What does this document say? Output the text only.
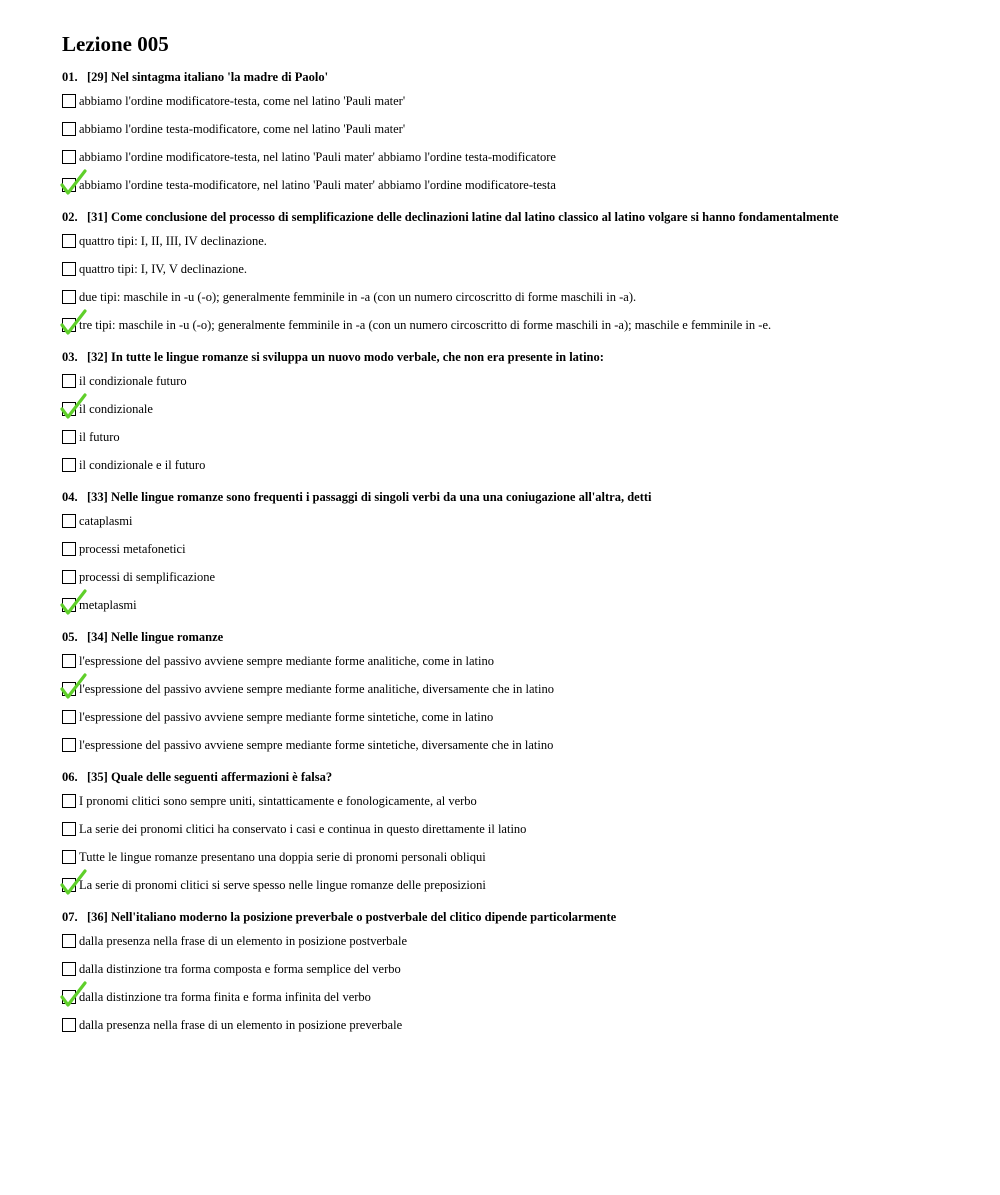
Lezione 005
01. [29] Nel sintagma italiano 'la madre di Paolo'
abbiamo l'ordine modificatore-testa, come nel latino 'Pauli mater'
abbiamo l'ordine testa-modificatore, come nel latino 'Pauli mater'
abbiamo l'ordine modificatore-testa, nel latino 'Pauli mater' abbiamo l'ordine testa-modificatore
abbiamo l'ordine testa-modificatore, nel latino 'Pauli mater' abbiamo l'ordine modificatore-testa
02. [31] Come conclusione del processo di semplificazione delle declinazioni latine dal latino classico al latino volgare si hanno fondamentalmente
quattro tipi: I, II, III, IV declinazione.
quattro tipi: I, IV, V declinazione.
due tipi: maschile in -u (-o); generalmente femminile in -a (con un numero circoscritto di forme maschili in -a).
tre tipi: maschile in -u (-o); generalmente femminile in -a (con un numero circoscritto di forme maschili in -a); maschile e femminile in -e.
03. [32] In tutte le lingue romanze si sviluppa un nuovo modo verbale, che non era presente in latino:
il condizionale futuro
il condizionale
il futuro
il condizionale e il futuro
04. [33] Nelle lingue romanze sono frequenti i passaggi di singoli verbi da una una coniugazione all'altra, detti
cataplasmi
processi metafonetici
processi di semplificazione
metaplasmi
05. [34] Nelle lingue romanze
l'espressione del passivo avviene sempre mediante forme analitiche, come in latino
l'espressione del passivo avviene sempre mediante forme analitiche, diversamente che in latino
l'espressione del passivo avviene sempre mediante forme sintetiche, come in latino
l'espressione del passivo avviene sempre mediante forme sintetiche, diversamente che in latino
06. [35] Quale delle seguenti affermazioni è falsa?
I pronomi clitici sono sempre uniti, sintatticamente e fonologicamente, al verbo
La serie dei pronomi clitici ha conservato i casi e continua in questo direttamente il latino
Tutte le lingue romanze presentano una doppia serie di pronomi personali obliqui
La serie di pronomi clitici si serve spesso nelle lingue romanze delle preposizioni
07. [36] Nell'italiano moderno la posizione preverbale o postverbale del clitico dipende particolarmente
dalla presenza nella frase di un elemento in posizione postverbale
dalla distinzione tra forma composta e forma semplice del verbo
dalla distinzione tra forma finita e forma infinita del verbo
dalla presenza nella frase di un elemento in posizione preverbale
